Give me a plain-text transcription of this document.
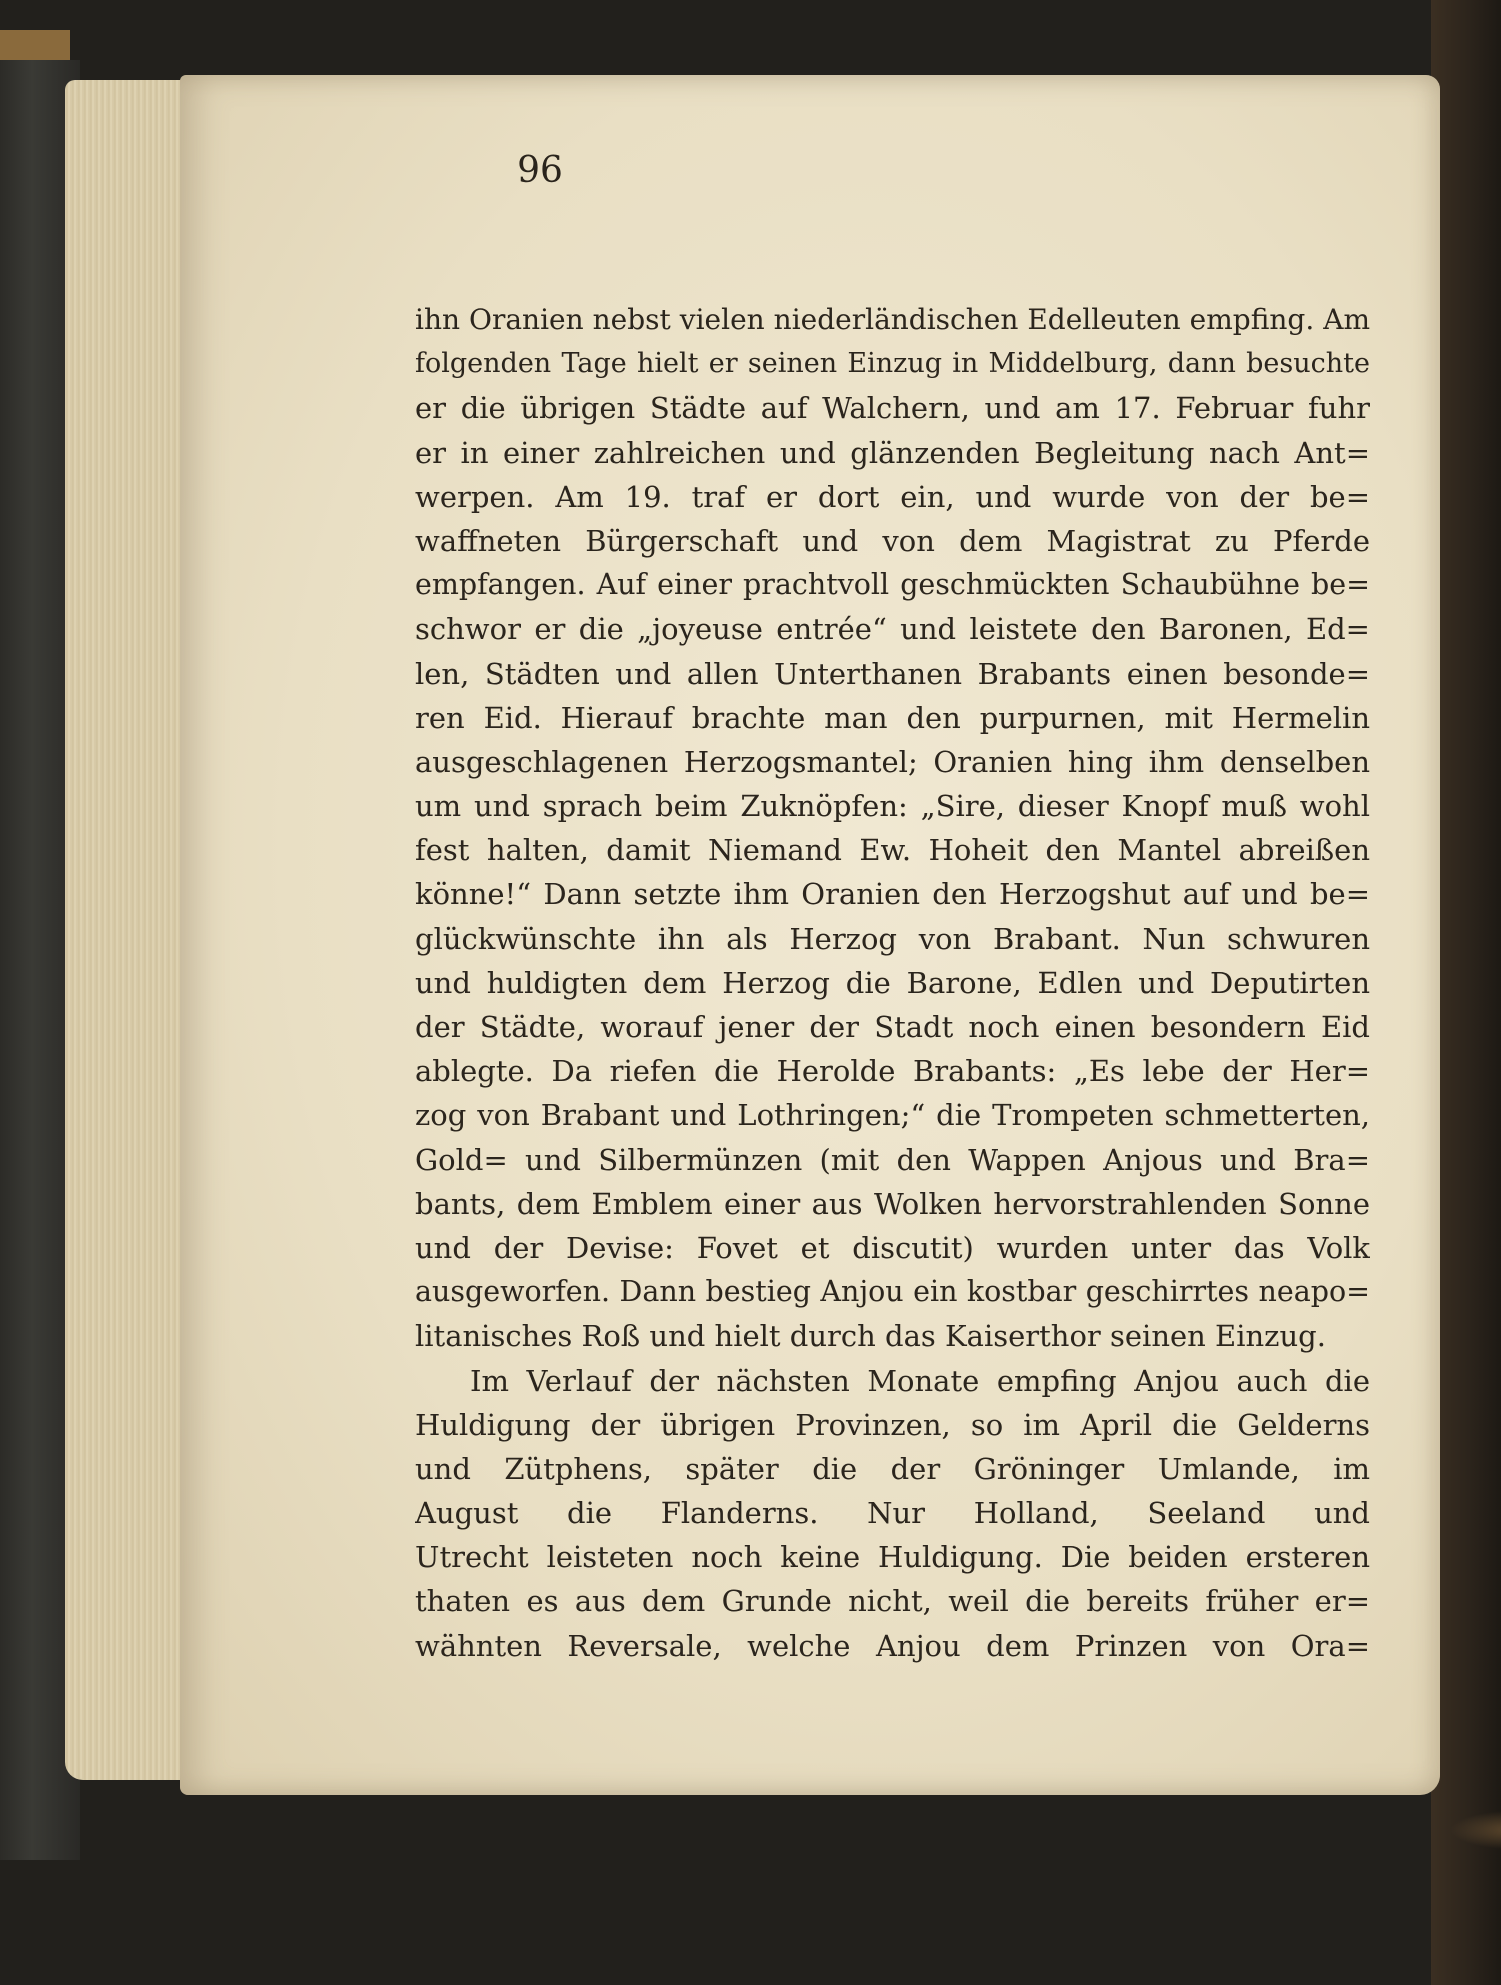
96
ihn Oranien nebst vielen niederländischen Edelleuten empfing. Am
folgenden Tage hielt er seinen Einzug in Middelburg, dann besuchte
er die übrigen Städte auf Walchern, und am 17. Februar fuhr
er in einer zahlreichen und glänzenden Begleitung nach Ant=
werpen. Am 19. traf er dort ein, und wurde von der be=
waffneten Bürgerschaft und von dem Magistrat zu Pferde
empfangen. Auf einer prachtvoll geschmückten Schaubühne be=
schwor er die „joyeuse entrée“ und leistete den Baronen, Ed=
len, Städten und allen Unterthanen Brabants einen besonde=
ren Eid. Hierauf brachte man den purpurnen, mit Hermelin
ausgeschlagenen Herzogsmantel; Oranien hing ihm denselben
um und sprach beim Zuknöpfen: „Sire, dieser Knopf muß wohl
fest halten, damit Niemand Ew. Hoheit den Mantel abreißen
könne!“ Dann setzte ihm Oranien den Herzogshut auf und be=
glückwünschte ihn als Herzog von Brabant. Nun schwuren
und huldigten dem Herzog die Barone, Edlen und Deputirten
der Städte, worauf jener der Stadt noch einen besondern Eid
ablegte. Da riefen die Herolde Brabants: „Es lebe der Her=
zog von Brabant und Lothringen;“ die Trompeten schmetterten,
Gold= und Silbermünzen (mit den Wappen Anjous und Bra=
bants, dem Emblem einer aus Wolken hervorstrahlenden Sonne
und der Devise: Fovet et discutit) wurden unter das Volk
ausgeworfen. Dann bestieg Anjou ein kostbar geschirrtes neapo=
litanisches Roß und hielt durch das Kaiserthor seinen Einzug.
Im Verlauf der nächsten Monate empfing Anjou auch die
Huldigung der übrigen Provinzen, so im April die Gelderns
und Zütphens, später die der Gröninger Umlande, im
August die Flanderns. Nur Holland, Seeland und
Utrecht leisteten noch keine Huldigung. Die beiden ersteren
thaten es aus dem Grunde nicht, weil die bereits früher er=
wähnten Reversale, welche Anjou dem Prinzen von Ora=
